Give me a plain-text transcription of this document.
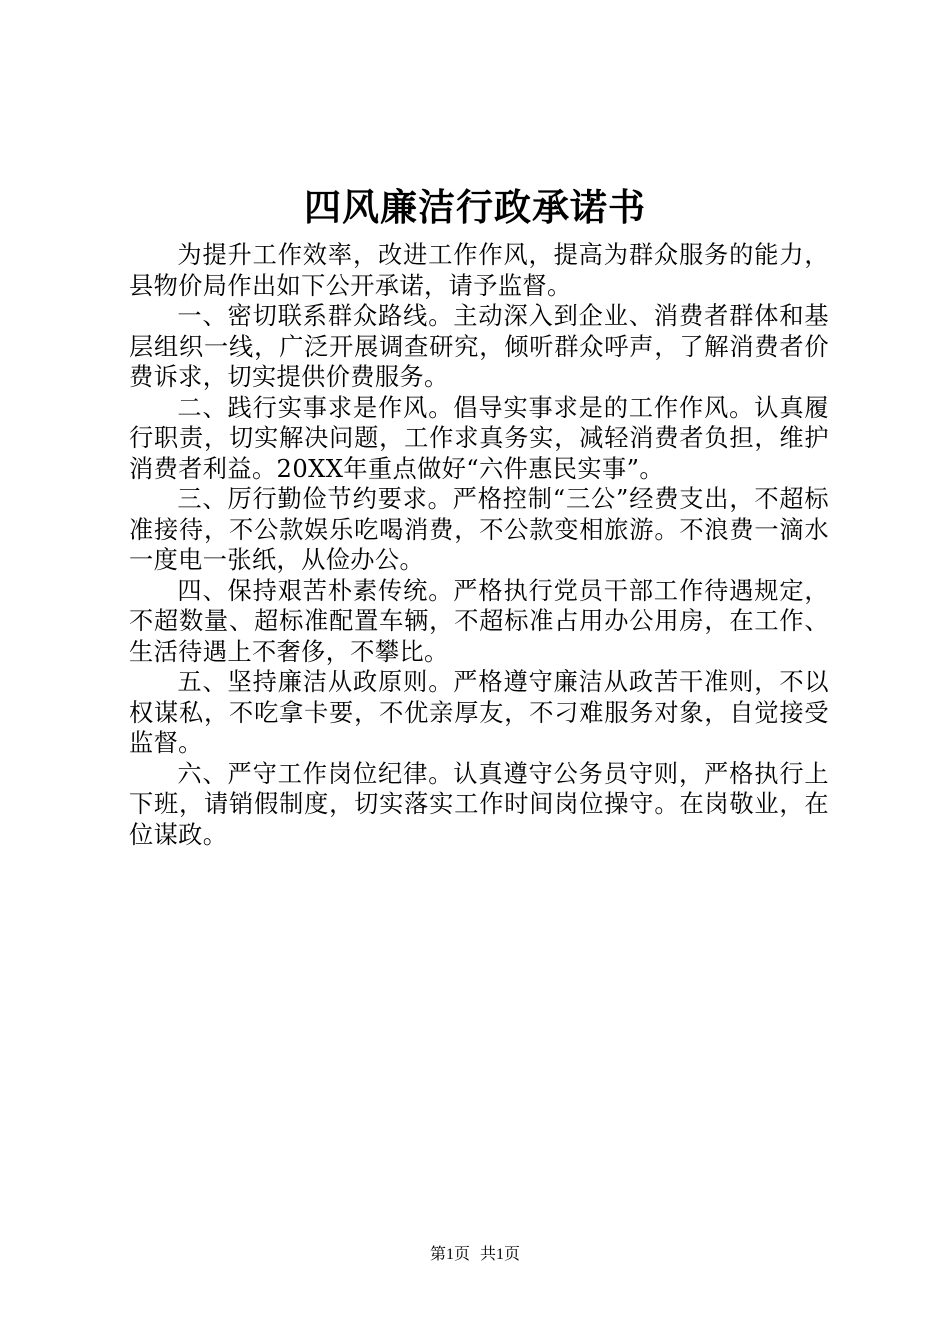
四风廉洁行政承诺书

为提升工作效率，改进工作作风，提高为群众服务的能力，县物价局作出如下公开承诺，请予监督。

一、密切联系群众路线。主动深入到企业、消费者群体和基层组织一线，广泛开展调查研究，倾听群众呼声，了解消费者价费诉求，切实提供价费服务。

二、践行实事求是作风。倡导实事求是的工作作风。认真履行职责，切实解决问题，工作求真务实，减轻消费者负担，维护消费者利益。20XX年重点做好“六件惠民实事”。

三、厉行勤俭节约要求。严格控制“三公”经费支出，不超标准接待，不公款娱乐吃喝消费，不公款变相旅游。不浪费一滴水一度电一张纸，从俭办公。

四、保持艰苦朴素传统。严格执行党员干部工作待遇规定，不超数量、超标准配置车辆，不超标准占用办公用房，在工作、生活待遇上不奢侈，不攀比。

五、坚持廉洁从政原则。严格遵守廉洁从政苦干准则，不以权谋私，不吃拿卡要，不优亲厚友，不刁难服务对象，自觉接受监督。

六、严守工作岗位纪律。认真遵守公务员守则，严格执行上下班，请销假制度，切实落实工作时间岗位操守。在岗敬业，在位谋政。

第1页 共1页
